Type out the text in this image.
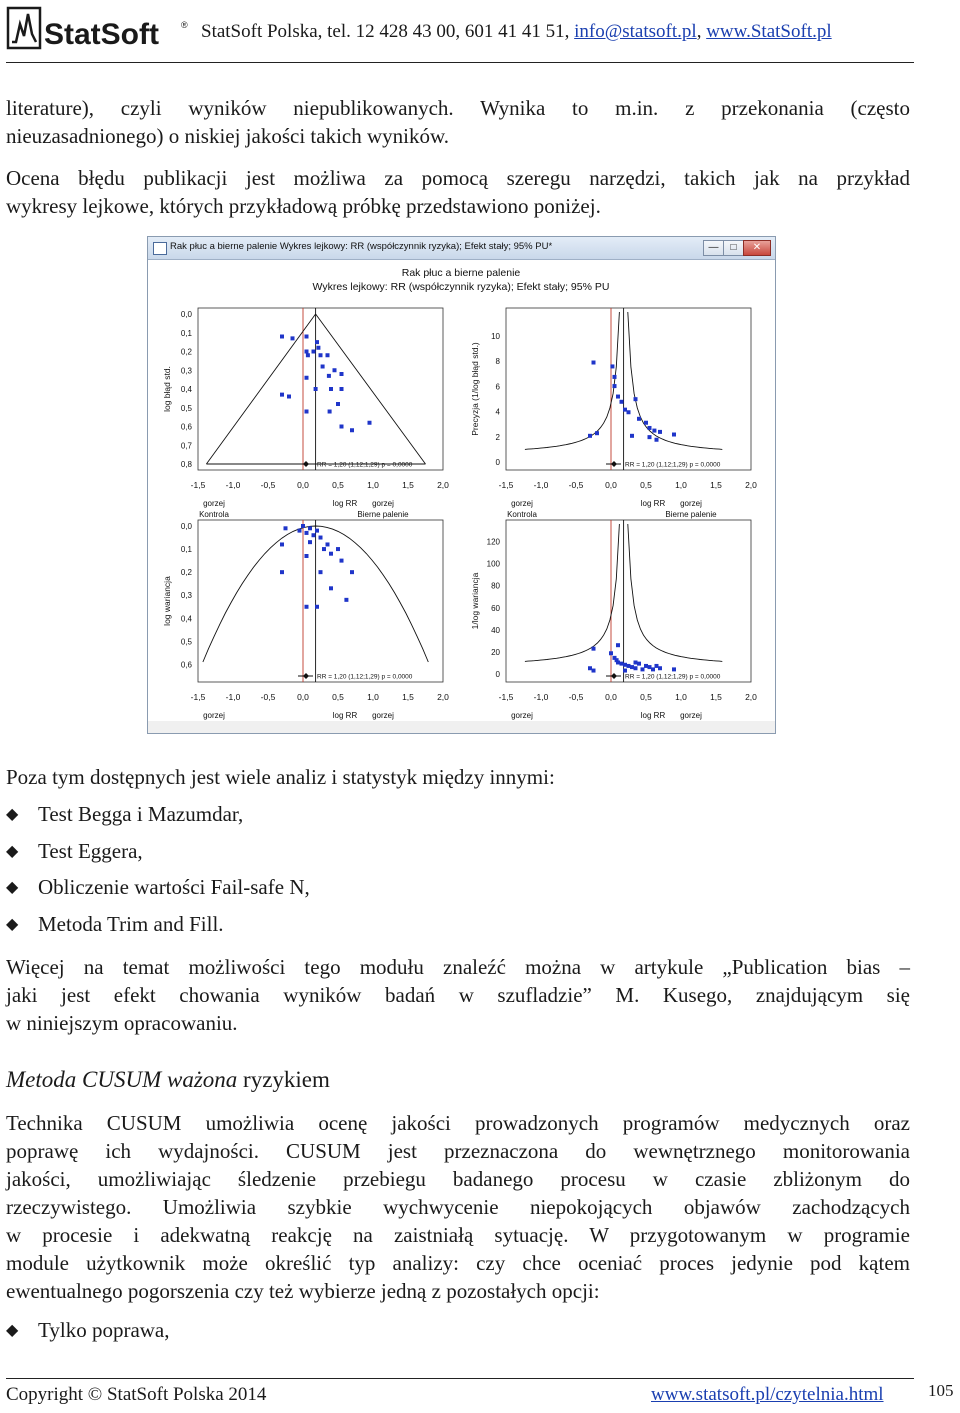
StatSoft ® StatSoft Polska, tel. 12 428 43 00, 601 41 41 51, info@statsoft.pl, www.StatSoft.pl
literature), czyli wyników niepublikowanych. Wynika to m.in. z przekonania (często
nieuzasadnionego) o niskiej jakości takich wyników.
Ocena błędu publikacji jest możliwa za pomocą szeregu narzędzi, takich jak na przykład
wykresy lejkowe, których przykładową próbkę przedstawiono poniżej.
Rak płuc a bierne palenie Wykres lejkowy: RR (współczynnik ryzyka); Efekt stały; 95% PU*	—	□	✕
Rak płuc a bierne palenie
Wykres lejkowy: RR (współczynnik ryzyka); Efekt stały; 95% PU
0,0
0,1
0,2
0,3
0,4
0,5
0,6
0,7
0,8
-1,5 -1,0 -0,5	0,0	0,5	1,0	1,5	2,0
log błąd std.
RR = 1,20 (1,12;1,29) p = 0,0000
gorzej
Kontrola
log RR gorzej
Bierne palenie
0
2
4
6
8
10
-1,5 -1,0 -0,5	0,0	0,5	1,0	1,5	2,0
Precyzja (1/log błąd std.)
RR = 1,20 (1,12;1,29) p = 0,0000
gorzej
Kontrola
log RR gorzej
Bierne palenie
0,0
0,1
0,2
0,3
0,4
0,5
0,6
-1,5 -1,0 -0,5	0,0	0,5	1,0	1,5	2,0
log wariancja
RR = 1,20 (1,12;1,29) p = 0,0000
gorzej	log RR gorzej
0
20
40
60
80
100
120
-1,5 -1,0 -0,5	0,0	0,5	1,0	1,5	2,0
1/log wariancja
RR = 1,20 (1,12;1,29) p = 0,0000
gorzej	log RR gorzej
Poza tym dostępnych jest wiele analiz i statystyk między innymi:
◆ Test Begga i Mazumdar,
◆ Test Eggera,
◆ Obliczenie wartości Fail-safe N,
◆ Metoda Trim and Fill.
Więcej na temat możliwości tego modułu znaleźć można w artykule „Publication bias –
jaki jest efekt chowania wyników badań w szufladzie” M. Kusego, znajdującym się
w niniejszym opracowaniu.
Metoda CUSUM ważona ryzykiem
Technika CUSUM umożliwia ocenę jakości prowadzonych programów medycznych oraz
poprawę ich wydajności. CUSUM jest przeznaczona do wewnętrznego monitorowania
jakości, umożliwiając śledzenie przebiegu badanego procesu w czasie zbliżonym do
rzeczywistego. Umożliwia szybkie wychwycenie niepokojących objawów zachodzących
w procesie i adekwatną reakcję na zaistniałą sytuację. W przygotowanym w programie
module użytkownik może określić typ analizy: czy chce oceniać proces jedynie pod kątem
ewentualnego pogorszenia czy też wybierze jedną z pozostałych opcji:
◆ Tylko poprawa,
Copyright © StatSoft Polska 2014	www.statsoft.pl/czytelnia.html	105
